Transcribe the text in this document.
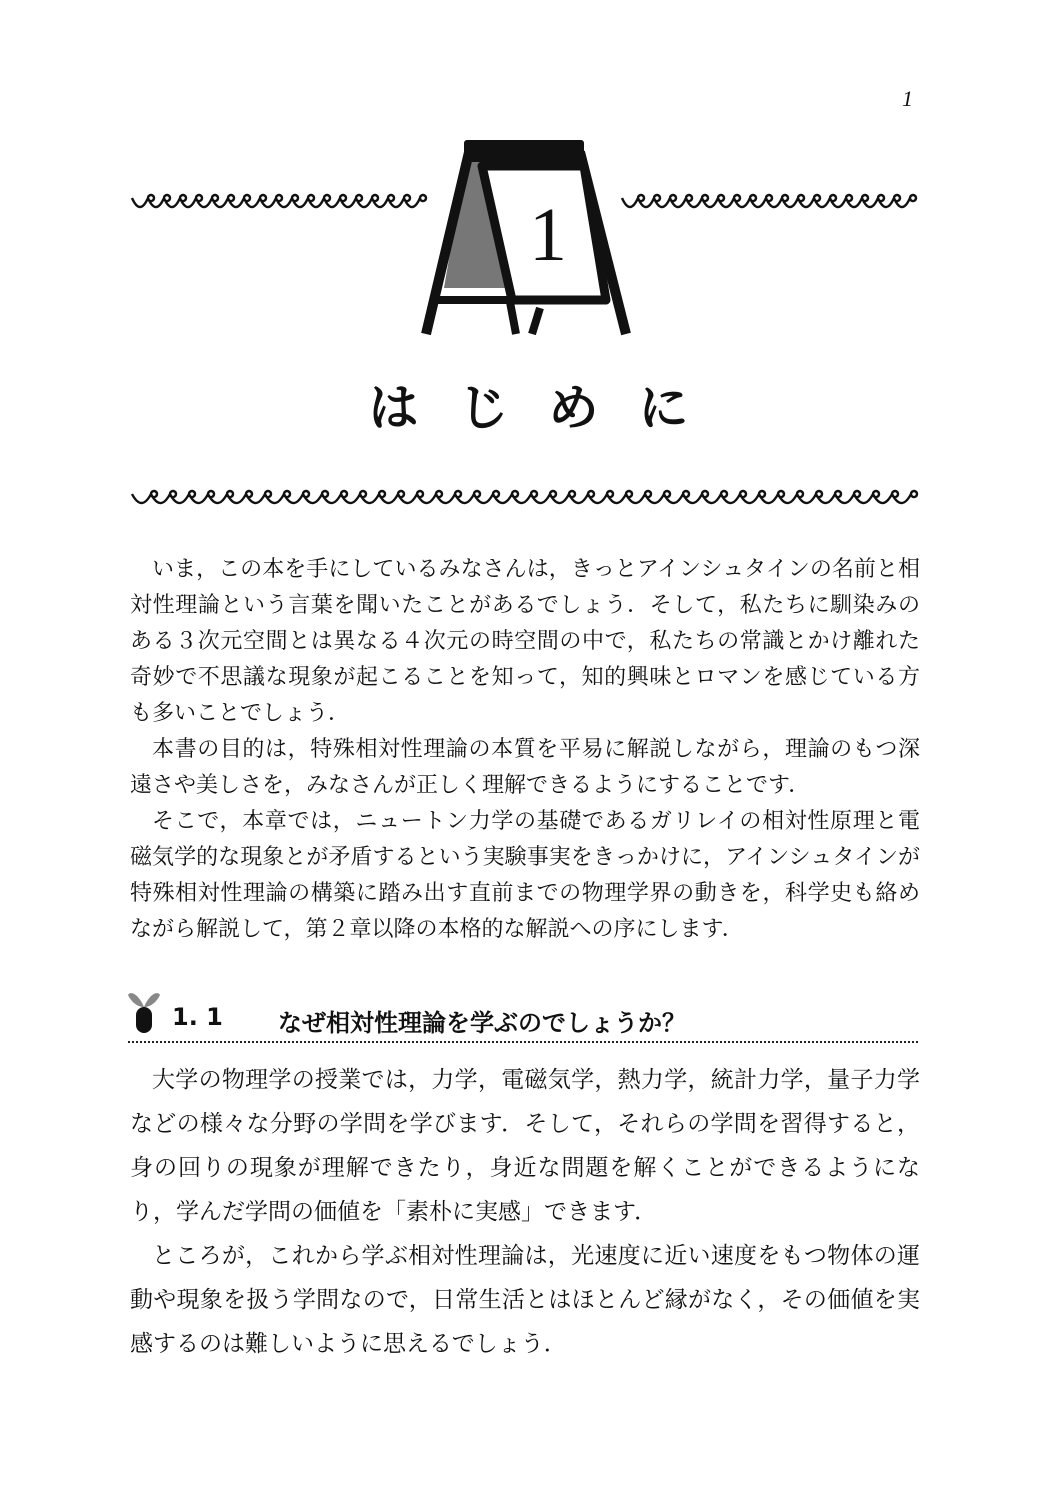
1
1
はじめに

いま，この本を手にしているみなさんは，きっとアインシュタインの名前と相対性理論という言葉を聞いたことがあるでしょう．そして，私たちに馴染みのある３次元空間とは異なる４次元の時空間の中で，私たちの常識とかけ離れた奇妙で不思議な現象が起こることを知って，知的興味とロマンを感じている方も多いことでしょう．

本書の目的は，特殊相対性理論の本質を平易に解説しながら，理論のもつ深遠さや美しさを，みなさんが正しく理解できるようにすることです．

そこで，本章では，ニュートン力学の基礎であるガリレイの相対性原理と電磁気学的な現象とが矛盾するという実験事実をきっかけに，アインシュタインが特殊相対性理論の構築に踏み出す直前までの物理学界の動きを，科学史も絡めながら解説して，第２章以降の本格的な解説への序にします．

1. 1 なぜ相対性理論を学ぶのでしょうか？

大学の物理学の授業では，力学，電磁気学，熱力学，統計力学，量子力学などの様々な分野の学問を学びます．そして，それらの学問を習得すると，身の回りの現象が理解できたり，身近な問題を解くことができるようになり，学んだ学問の価値を「素朴に実感」できます．

ところが，これから学ぶ相対性理論は，光速度に近い速度をもつ物体の運動や現象を扱う学問なので，日常生活とはほとんど縁がなく，その価値を実感するのは難しいように思えるでしょう．
